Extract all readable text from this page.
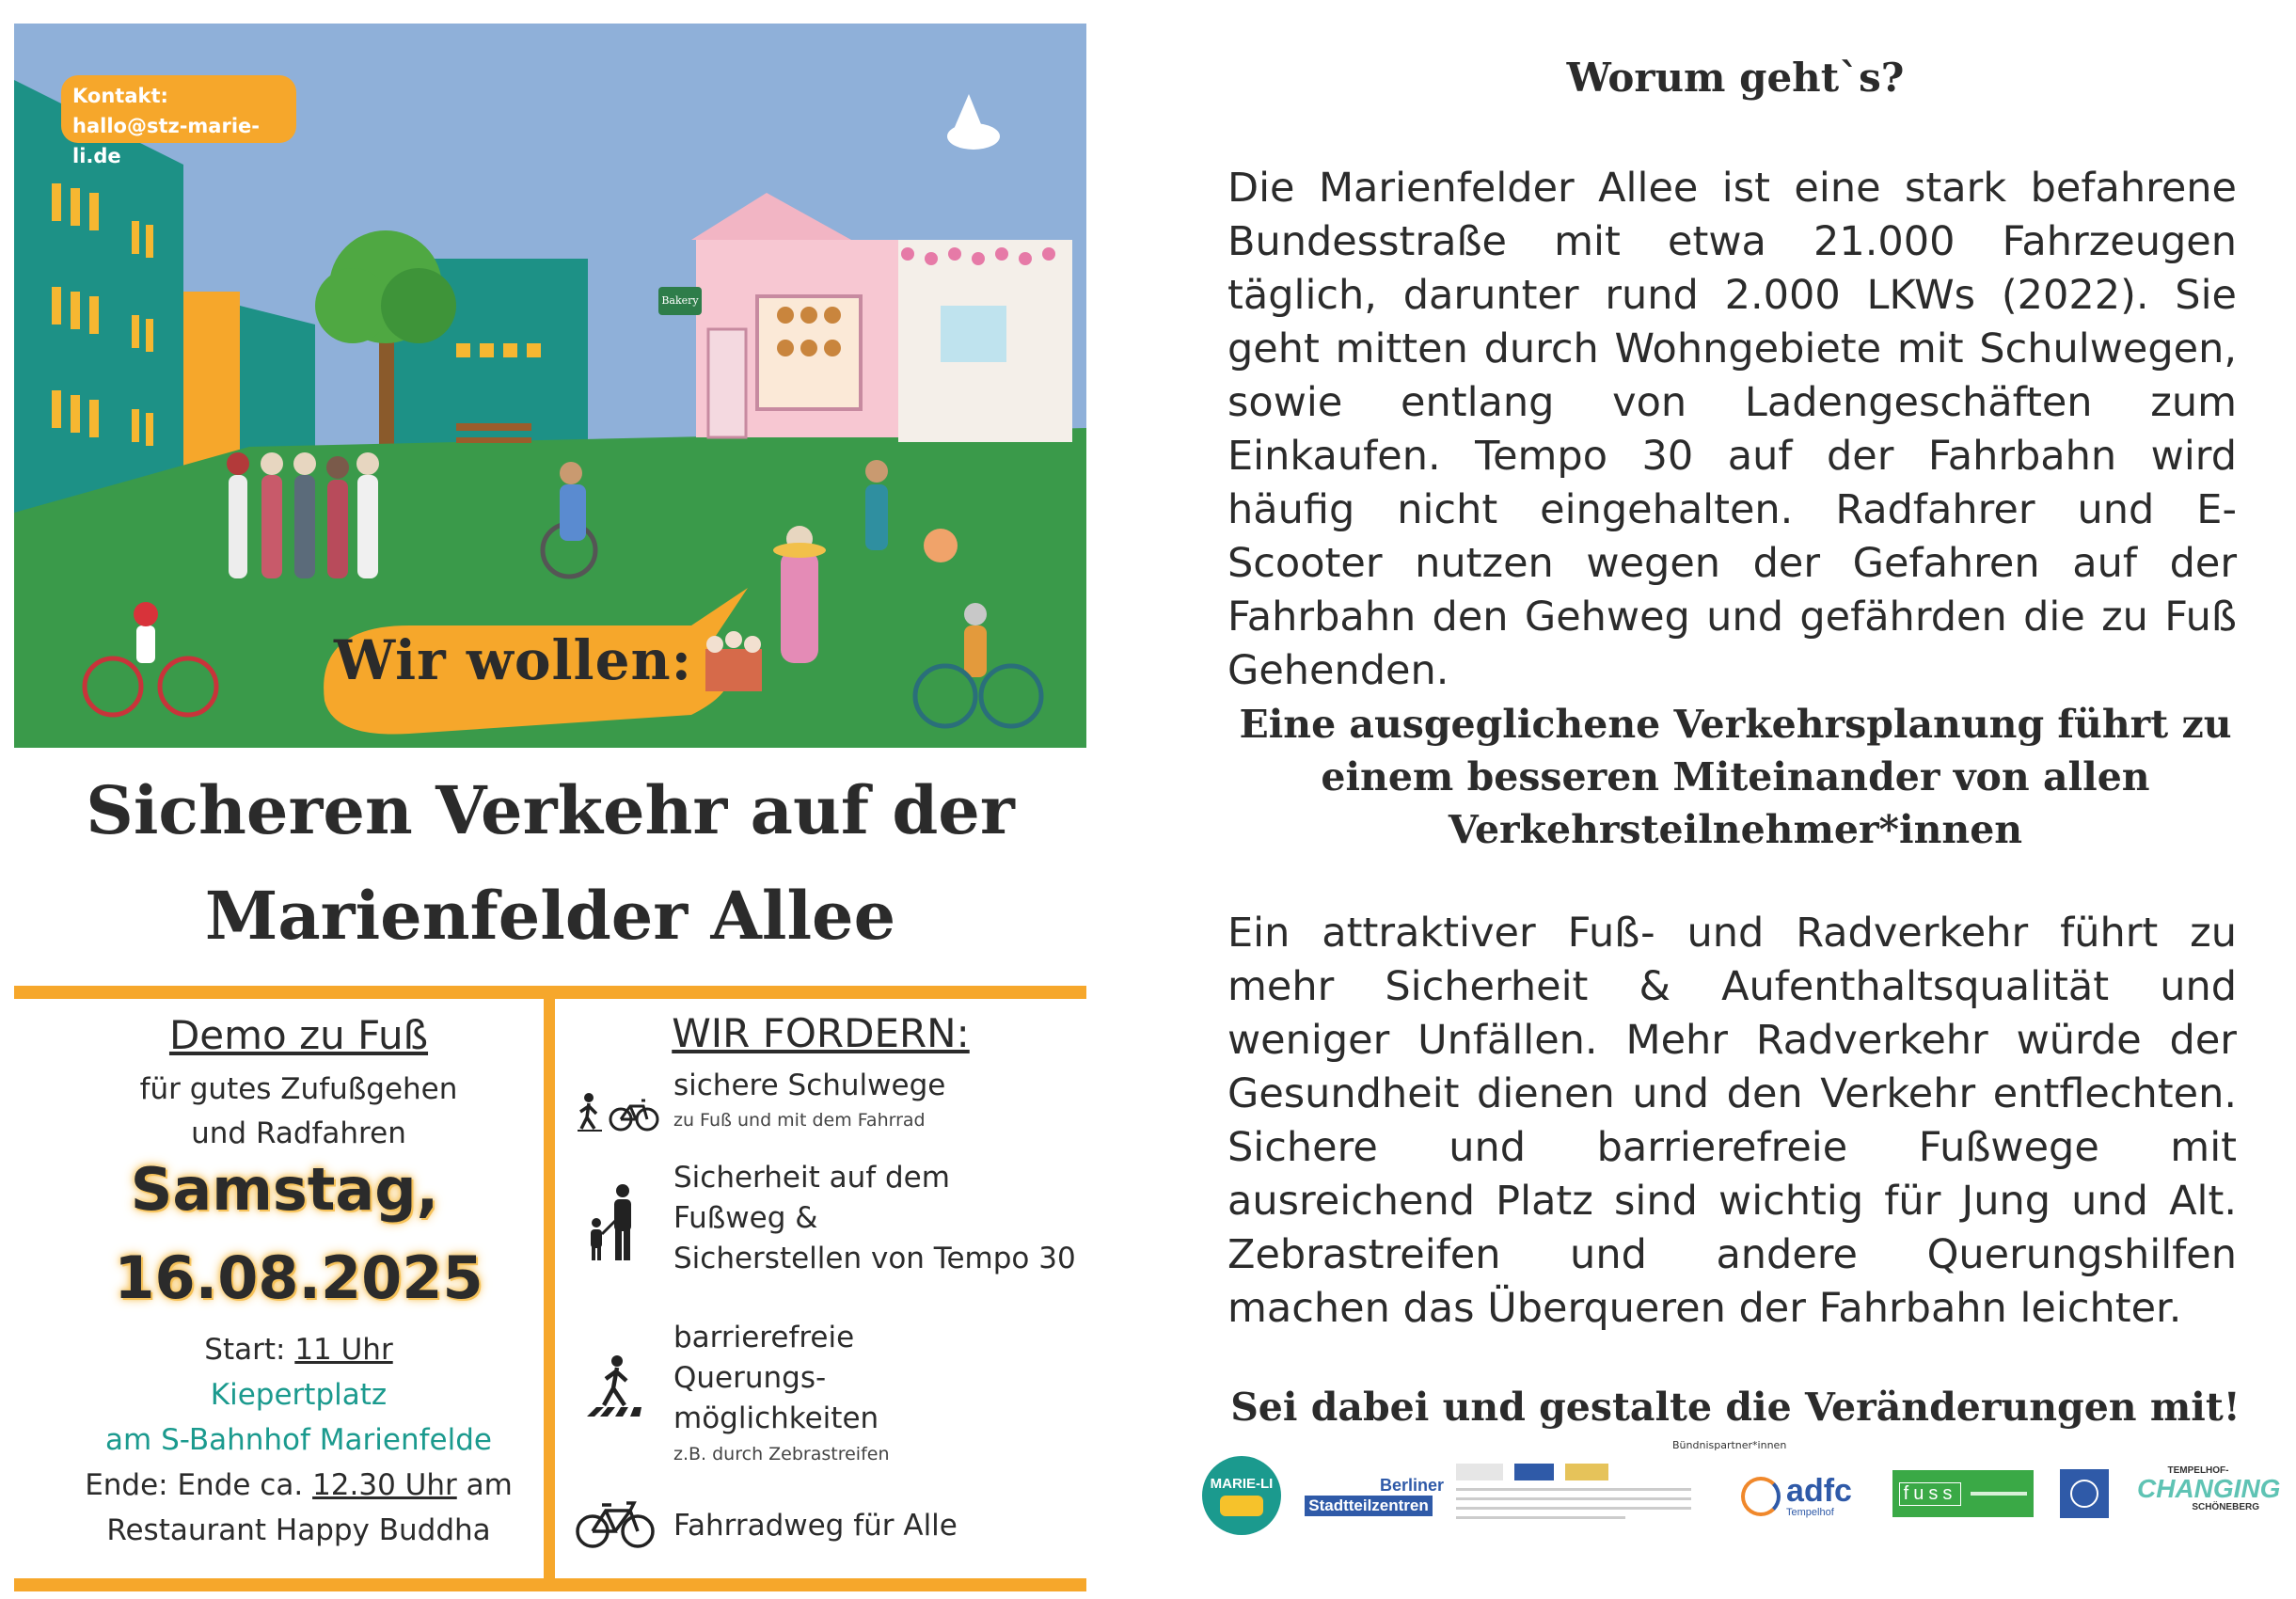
Kontakt:
hallo@stz-marie-li.de
Bakery
Wir wollen:
Sicheren Verkehr auf der
Marienfelder Allee
Demo zu Fuß
für gutes Zufußgehen
und Radfahren
Samstag,
16.08.2025
Start: 11 Uhr
Kiepertplatz
am S-Bahnhof Marienfelde
Ende: Ende ca. 12.30 Uhr am
Restaurant Happy Buddha
WIR FORDERN:
sichere Schulwege
zu Fuß und mit dem Fahrrad
Sicherheit auf dem
Fußweg &
Sicherstellen von Tempo 30
barrierefreie
Querungs-
möglichkeiten
z.B. durch Zebrastreifen
Fahrradweg für Alle
Worum geht`s?
Die Marienfelder Allee ist eine stark befahrene Bundesstraße mit etwa 21.000 Fahrzeugen täglich, darunter rund 2.000 LKWs (2022). Sie geht mitten durch Wohngebiete mit Schulwegen, sowie entlang von Ladengeschäften zum Einkaufen. Tempo 30 auf der Fahrbahn wird häufig nicht eingehalten. Radfahrer und E-Scooter nutzen wegen der Gefahren auf der Fahrbahn den Gehweg und gefährden die zu Fuß Gehenden.
Eine ausgeglichene Verkehrsplanung führt zu
einem besseren Miteinander von allen
Verkehrsteilnehmer*innen
Ein attraktiver Fuß- und Radverkehr führt zu mehr Sicherheit & Aufenthaltsqualität und weniger Unfällen. Mehr Radverkehr würde der Gesundheit dienen und den Verkehr entflechten. Sichere und barrierefreie Fußwege mit ausreichend Platz sind wichtig für Jung und Alt. Zebrastreifen und andere Querungshilfen machen das Überqueren der Fahrbahn leichter.
Sei dabei und gestalte die Veränderungen mit!
Bündnispartner*innen
MARIE-LI	Berliner
Stadtteilzentren	adfc
Tempelhof
fuss
TEMPELHOF-
CHANGING
SCHÖNEBERG
